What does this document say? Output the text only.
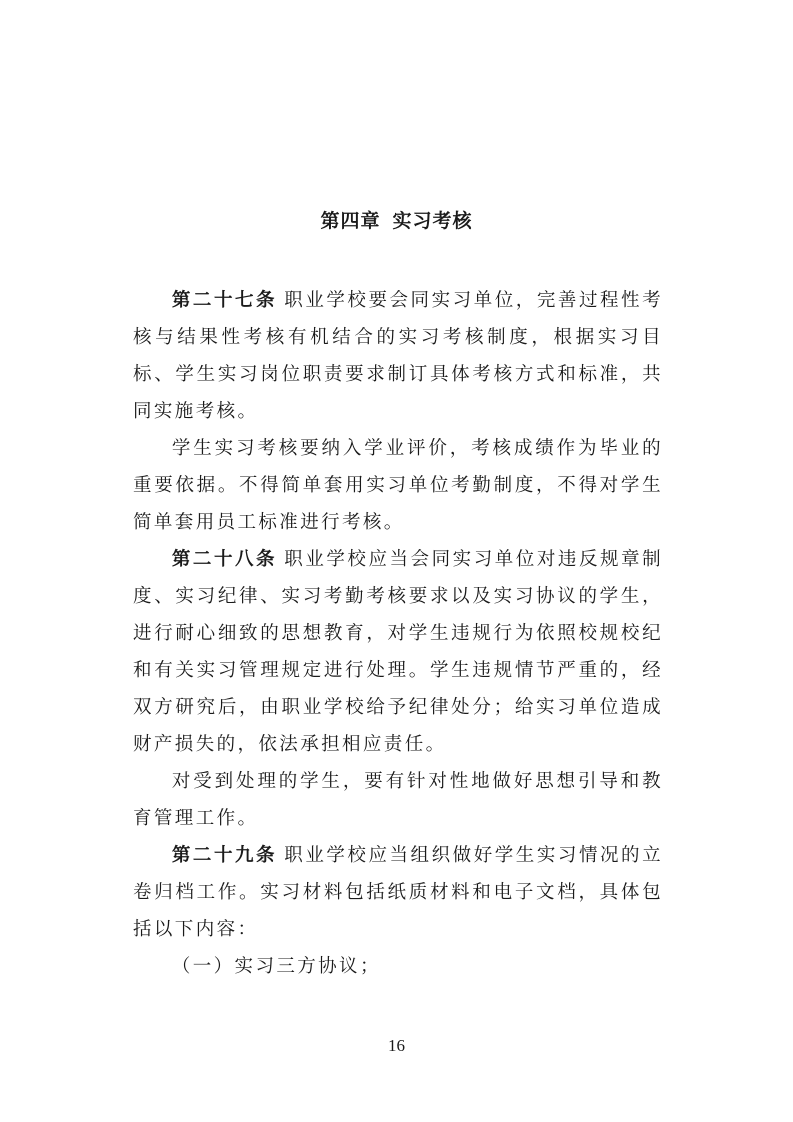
第四章 实习考核

第二十七条  职业学校要会同实习单位，完善过程性考核与结果性考核有机结合的实习考核制度，根据实习目标、学生实习岗位职责要求制订具体考核方式和标准，共同实施考核。

学生实习考核要纳入学业评价，考核成绩作为毕业的重要依据。不得简单套用实习单位考勤制度，不得对学生简单套用员工标准进行考核。

第二十八条  职业学校应当会同实习单位对违反规章制度、实习纪律、实习考勤考核要求以及实习协议的学生，进行耐心细致的思想教育，对学生违规行为依照校规校纪和有关实习管理规定进行处理。学生违规情节严重的，经双方研究后，由职业学校给予纪律处分；给实习单位造成财产损失的，依法承担相应责任。

对受到处理的学生，要有针对性地做好思想引导和教育管理工作。

第二十九条  职业学校应当组织做好学生实习情况的立卷归档工作。实习材料包括纸质材料和电子文档，具体包括以下内容：

（一）实习三方协议；

16
